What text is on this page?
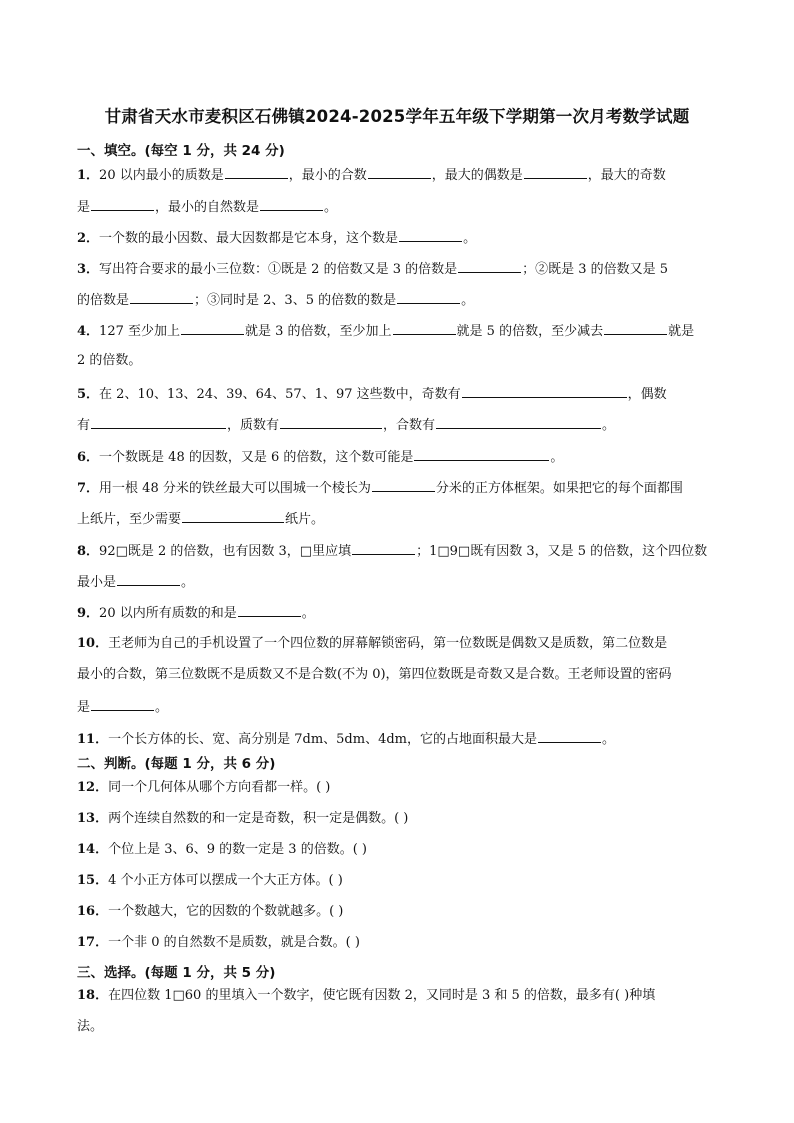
甘肃省天水市麦积区石佛镇2024-2025学年五年级下学期第一次月考数学试题
一、填空。(每空 1 分，共 24 分)
1．20 以内最小的质数是	，最小的合数	，最大的偶数是	，最大的奇数
是	，最小的自然数是	。
2．一个数的最小因数、最大因数都是它本身，这个数是	。
3．写出符合要求的最小三位数：①既是 2 的倍数又是 3 的倍数是	；②既是 3 的倍数又是 5
的倍数是	；③同时是 2、3、5 的倍数的数是	。
4．127 至少加上	就是 3 的倍数，至少加上	就是 5 的倍数，至少减去	就是
2 的倍数。
5．在 2、10、13、24、39、64、57、1、97 这些数中，奇数有	，偶数
有	，质数有	，合数有	。
6．一个数既是 48 的因数，又是 6 的倍数，这个数可能是	。
7．用一根 48 分米的铁丝最大可以围城一个棱长为	分米的正方体框架。如果把它的每个面都围
上纸片，至少需要	纸片。
8．92□既是 2 的倍数，也有因数 3，□里应填	；1□9□既有因数 3，又是 5 的倍数，这个四位数
最小是	。
9．20 以内所有质数的和是	。
10．王老师为自己的手机设置了一个四位数的屏幕解锁密码，第一位数既是偶数又是质数，第二位数是
最小的合数，第三位数既不是质数又不是合数(不为 0)，第四位数既是奇数又是合数。王老师设置的密码
是	。
11．一个长方体的长、宽、高分别是 7dm、5dm、4dm，它的占地面积最大是	。
二、判断。(每题 1 分，共 6 分)
12．同一个几何体从哪个方向看都一样。( )
13．两个连续自然数的和一定是奇数，积一定是偶数。( )
14．个位上是 3、6、9 的数一定是 3 的倍数。( )
15．4 个小正方体可以摆成一个大正方体。( )
16．一个数越大，它的因数的个数就越多。( )
17．一个非 0 的自然数不是质数，就是合数。( )
三、选择。(每题 1 分，共 5 分)
18．在四位数 1□60 的里填入一个数字，使它既有因数 2，又同时是 3 和 5 的倍数，最多有( )种填
法。
